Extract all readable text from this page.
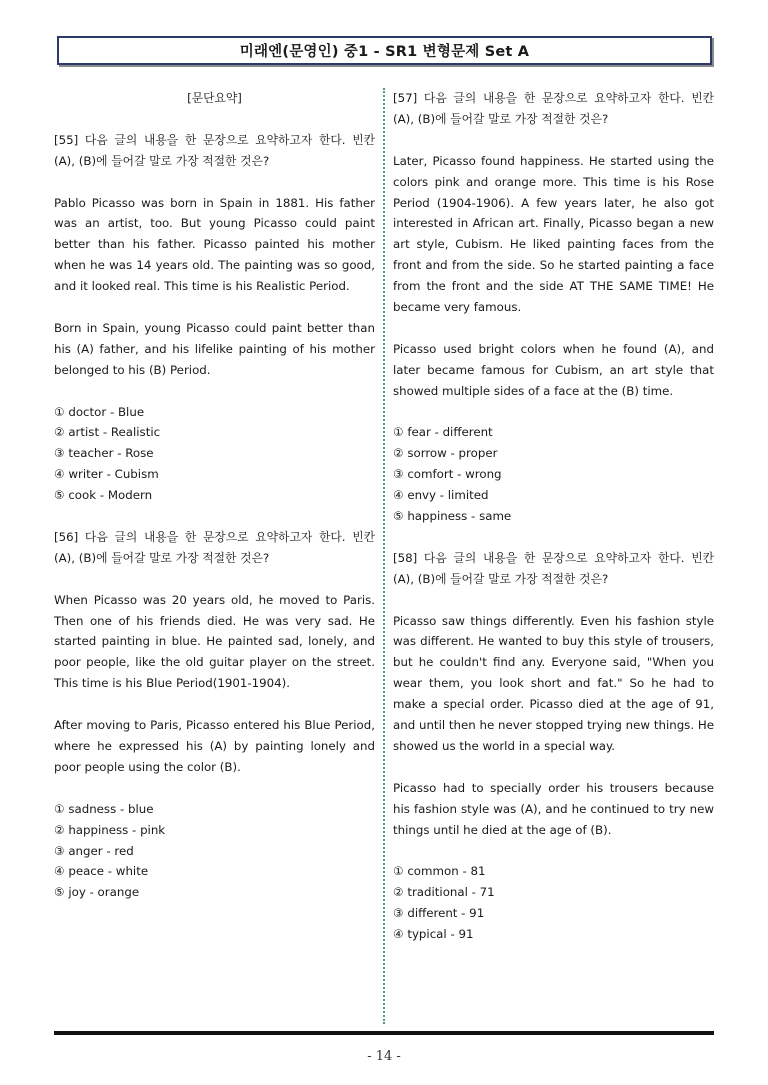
미래엔(문영인) 중1 - SR1 변형문제 Set A

[문단요약]

[55] 다음 글의 내용을 한 문장으로 요약하고자 한다. 빈칸 (A), (B)에 들어갈 말로 가장 적절한 것은?

Pablo Picasso was born in Spain in 1881. His father was an artist, too. But young Picasso could paint better than his father. Picasso painted his mother when he was 14 years old. The painting was so good, and it looked real. This time is his Realistic Period.

Born in Spain, young Picasso could paint better than his (A) father, and his lifelike painting of his mother belonged to his (B) Period.

① doctor - Blue

② artist - Realistic

③ teacher - Rose

④ writer - Cubism

⑤ cook - Modern

[56] 다음 글의 내용을 한 문장으로 요약하고자 한다. 빈칸 (A), (B)에 들어갈 말로 가장 적절한 것은?

When Picasso was 20 years old, he moved to Paris. Then one of his friends died. He was very sad. He started painting in blue. He painted sad, lonely, and poor people, like the old guitar player on the street. This time is his Blue Period(1901-1904).

After moving to Paris, Picasso entered his Blue Period, where he expressed his (A) by painting lonely and poor people using the color (B).

① sadness - blue

② happiness - pink

③ anger - red

④ peace - white

⑤ joy - orange

[57] 다음 글의 내용을 한 문장으로 요약하고자 한다. 빈칸 (A), (B)에 들어갈 말로 가장 적절한 것은?

Later, Picasso found happiness. He started using the colors pink and orange more. This time is his Rose Period (1904-1906). A few years later, he also got interested in African art. Finally, Picasso began a new art style, Cubism. He liked painting faces from the front and from the side. So he started painting a face from the front and the side AT THE SAME TIME! He became very famous.

Picasso used bright colors when he found (A), and later became famous for Cubism, an art style that showed multiple sides of a face at the (B) time.

① fear - different

② sorrow - proper

③ comfort - wrong

④ envy - limited

⑤ happiness - same

[58] 다음 글의 내용을 한 문장으로 요약하고자 한다. 빈칸 (A), (B)에 들어갈 말로 가장 적절한 것은?

Picasso saw things differently. Even his fashion style was different. He wanted to buy this style of trousers, but he couldn't find any. Everyone said, "When you wear them, you look short and fat." So he had to make a special order. Picasso died at the age of 91, and until then he never stopped trying new things. He showed us the world in a special way.

Picasso had to specially order his trousers because his fashion style was (A), and he continued to try new things until he died at the age of (B).

① common - 81

② traditional - 71

③ different - 91

④ typical - 91

- 14 -
